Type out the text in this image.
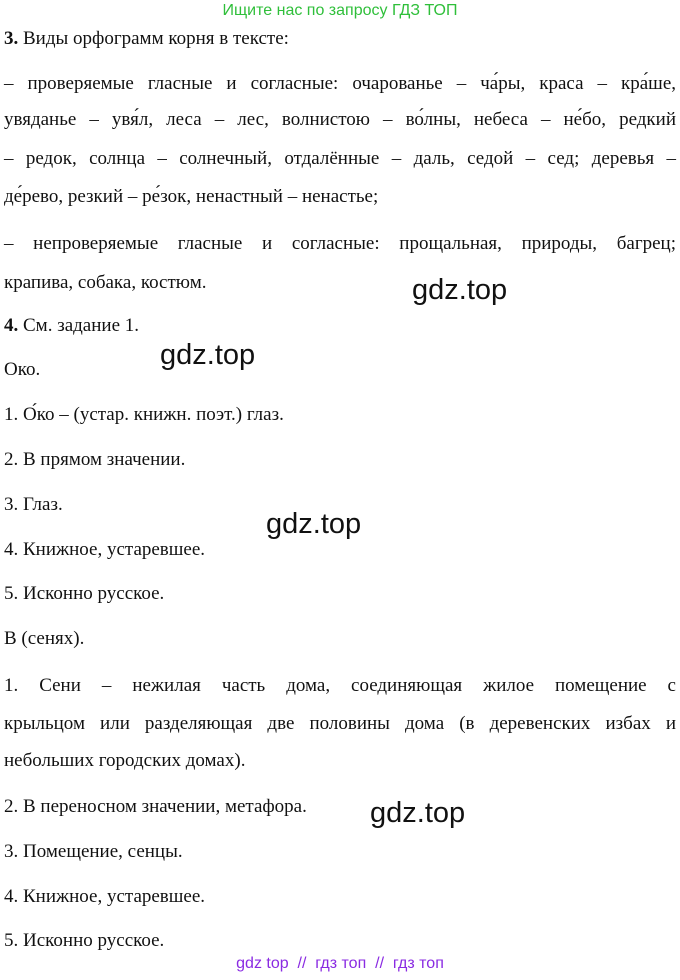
Ищите нас по запросу ГДЗ ТОП
3. Виды орфограмм корня в тексте:
– проверяемые гласные и согласные: очарованье – ча́ры, краса – кра́ше,
увяданье – увя́л, леса – лес, волнистою – во́лны, небеса – не́бо, редкий
– редок, солнца – солнечный, отдалённые – даль, седой – сед; деревья –
де́рево, резкий – ре́зок, ненастный – ненастье;
– непроверяемые гласные и согласные: прощальная, природы, багрец;
крапива, собака, костюм.
4. См. задание 1.
Око.
1. О́ко – (устар. книжн. поэт.) глаз.
2. В прямом значении.
3. Глаз.
4. Книжное, устаревшее.
5. Исконно русское.
В (сенях).
1. Сени – нежилая часть дома, соединяющая жилое помещение с
крыльцом или разделяющая две половины дома (в деревенских избах и
небольших городских домах).
2. В переносном значении, метафора.
3. Помещение, сенцы.
4. Книжное, устаревшее.
5. Исконно русское.
gdz.top
gdz.top
gdz.top
gdz.top
gdz top  //  гдз топ  //  гдз топ
